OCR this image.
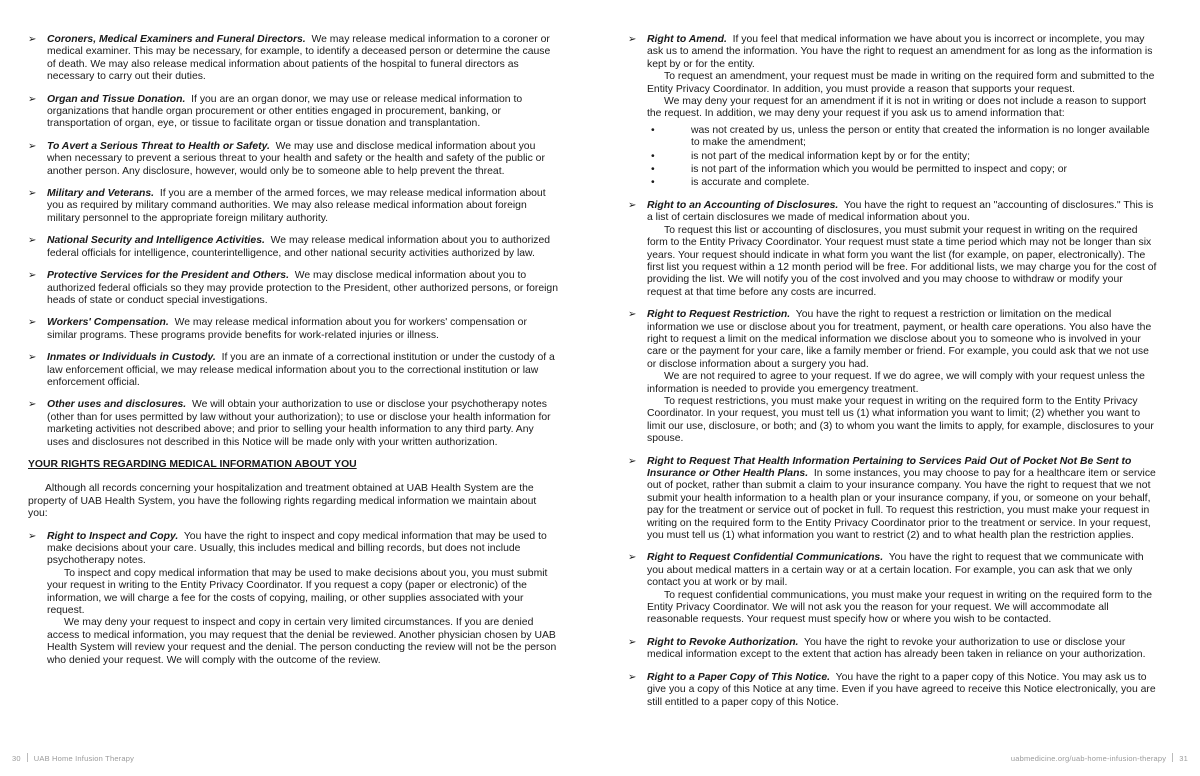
➢ Coroners, Medical Examiners and Funeral Directors. We may release medical information to a coroner or medical examiner. This may be necessary, for example, to identify a deceased person or determine the cause of death. We may also release medical information about patients of the hospital to funeral directors as necessary to carry out their duties.
➢ Organ and Tissue Donation. If you are an organ donor, we may use or release medical information to organizations that handle organ procurement or other entities engaged in procurement, banking, or transportation of organ, eye, or tissue to facilitate organ or tissue donation and transplantation.
➢ To Avert a Serious Threat to Health or Safety. We may use and disclose medical information about you when necessary to prevent a serious threat to your health and safety or the health and safety of the public or another person. Any disclosure, however, would only be to someone able to help prevent the threat.
➢ Military and Veterans. If you are a member of the armed forces, we may release medical information about you as required by military command authorities. We may also release medical information about foreign military personnel to the appropriate foreign military authority.
➢ National Security and Intelligence Activities. We may release medical information about you to authorized federal officials for intelligence, counterintelligence, and other national security activities authorized by law.
➢ Protective Services for the President and Others. We may disclose medical information about you to authorized federal officials so they may provide protection to the President, other authorized persons, or foreign heads of state or conduct special investigations.
➢ Workers' Compensation. We may release medical information about you for workers' compensation or similar programs. These programs provide benefits for work-related injuries or illness.
➢ Inmates or Individuals in Custody. If you are an inmate of a correctional institution or under the custody of a law enforcement official, we may release medical information about you to the correctional institution or law enforcement official.
➢ Other uses and disclosures. We will obtain your authorization to use or disclose your psychotherapy notes (other than for uses permitted by law without your authorization); to use or disclose your health information for marketing activities not described above; and prior to selling your health information to any third party. Any uses and disclosures not described in this Notice will be made only with your written authorization.
YOUR RIGHTS REGARDING MEDICAL INFORMATION ABOUT YOU
Although all records concerning your hospitalization and treatment obtained at UAB Health System are the property of UAB Health System, you have the following rights regarding medical information we maintain about you:
➢ Right to Inspect and Copy. You have the right to inspect and copy medical information that may be used to make decisions about your care. Usually, this includes medical and billing records, but does not include psychotherapy notes.

To inspect and copy medical information that may be used to make decisions about you, you must submit your request in writing to the Entity Privacy Coordinator. If you request a copy (paper or electronic) of the information, we will charge a fee for the costs of copying, mailing, or other supplies associated with your request.

We may deny your request to inspect and copy in certain very limited circumstances. If you are denied access to medical information, you may request that the denial be reviewed. Another physician chosen by UAB Health System will review your request and the denial. The person conducting the review will not be the person who denied your request. We will comply with the outcome of the review.

➢ Right to Amend. If you feel that medical information we have about you is incorrect or incomplete, you may ask us to amend the information. You have the right to request an amendment for as long as the information is kept by or for the entity.

To request an amendment, your request must be made in writing on the required form and submitted to the Entity Privacy Coordinator. In addition, you must provide a reason that supports your request.

We may deny your request for an amendment if it is not in writing or does not include a reason to support the request. In addition, we may deny your request if you ask us to amend information that:

•	was not created by us, unless the person or entity that created the information is no longer available to make the amendment;
•	is not part of the medical information kept by or for the entity;
•	is not part of the information which you would be permitted to inspect and copy; or
•	is accurate and complete.
➢ Right to an Accounting of Disclosures. You have the right to request an "accounting of disclosures." This is a list of certain disclosures we made of medical information about you.

To request this list or accounting of disclosures, you must submit your request in writing on the required form to the Entity Privacy Coordinator. Your request must state a time period which may not be longer than six years. Your request should indicate in what form you want the list (for example, on paper, electronically). The first list you request within a 12 month period will be free. For additional lists, we may charge you for the cost of providing the list. We will notify you of the cost involved and you may choose to withdraw or modify your request at that time before any costs are incurred.

➢ Right to Request Restriction. You have the right to request a restriction or limitation on the medical information we use or disclose about you for treatment, payment, or health care operations. You also have the right to request a limit on the medical information we disclose about you to someone who is involved in your care or the payment for your care, like a family member or friend. For example, you could ask that we not use or disclose information about a surgery you had.

We are not required to agree to your request. If we do agree, we will comply with your request unless the information is needed to provide you emergency treatment.

To request restrictions, you must make your request in writing on the required form to the Entity Privacy Coordinator. In your request, you must tell us (1) what information you want to limit; (2) whether you want to limit our use, disclosure, or both; and (3) to whom you want the limits to apply, for example, disclosures to your spouse.

➢ Right to Request That Health Information Pertaining to Services Paid Out of Pocket Not Be Sent to Insurance or Other Health Plans. In some instances, you may choose to pay for a healthcare item or service out of pocket, rather than submit a claim to your insurance company. You have the right to request that we not submit your health information to a health plan or your insurance company, if you, or someone on your behalf, pay for the treatment or service out of pocket in full. To request this restriction, you must make your request in writing on the required form to the Entity Privacy Coordinator prior to the treatment or service. In your request, you must tell us (1) what information you want to restrict (2) and to what health plan the restriction applies.
➢ Right to Request Confidential Communications. You have the right to request that we communicate with you about medical matters in a certain way or at a certain location. For example, you can ask that we only contact you at work or by mail.

To request confidential communications, you must make your request in writing on the required form to the Entity Privacy Coordinator. We will not ask you the reason for your request. We will accommodate all reasonable requests. Your request must specify how or where you wish to be contacted.

➢ Right to Revoke Authorization. You have the right to revoke your authorization to use or disclose your medical information except to the extent that action has already been taken in reliance on your authorization.
➢ Right to a Paper Copy of This Notice. You have the right to a paper copy of this Notice. You may ask us to give you a copy of this Notice at any time. Even if you have agreed to receive this Notice electronically, you are still entitled to a paper copy of this Notice.
30 UAB Home Infusion Therapy	uabmedicine.org/uab-home-infusion-therapy 31
